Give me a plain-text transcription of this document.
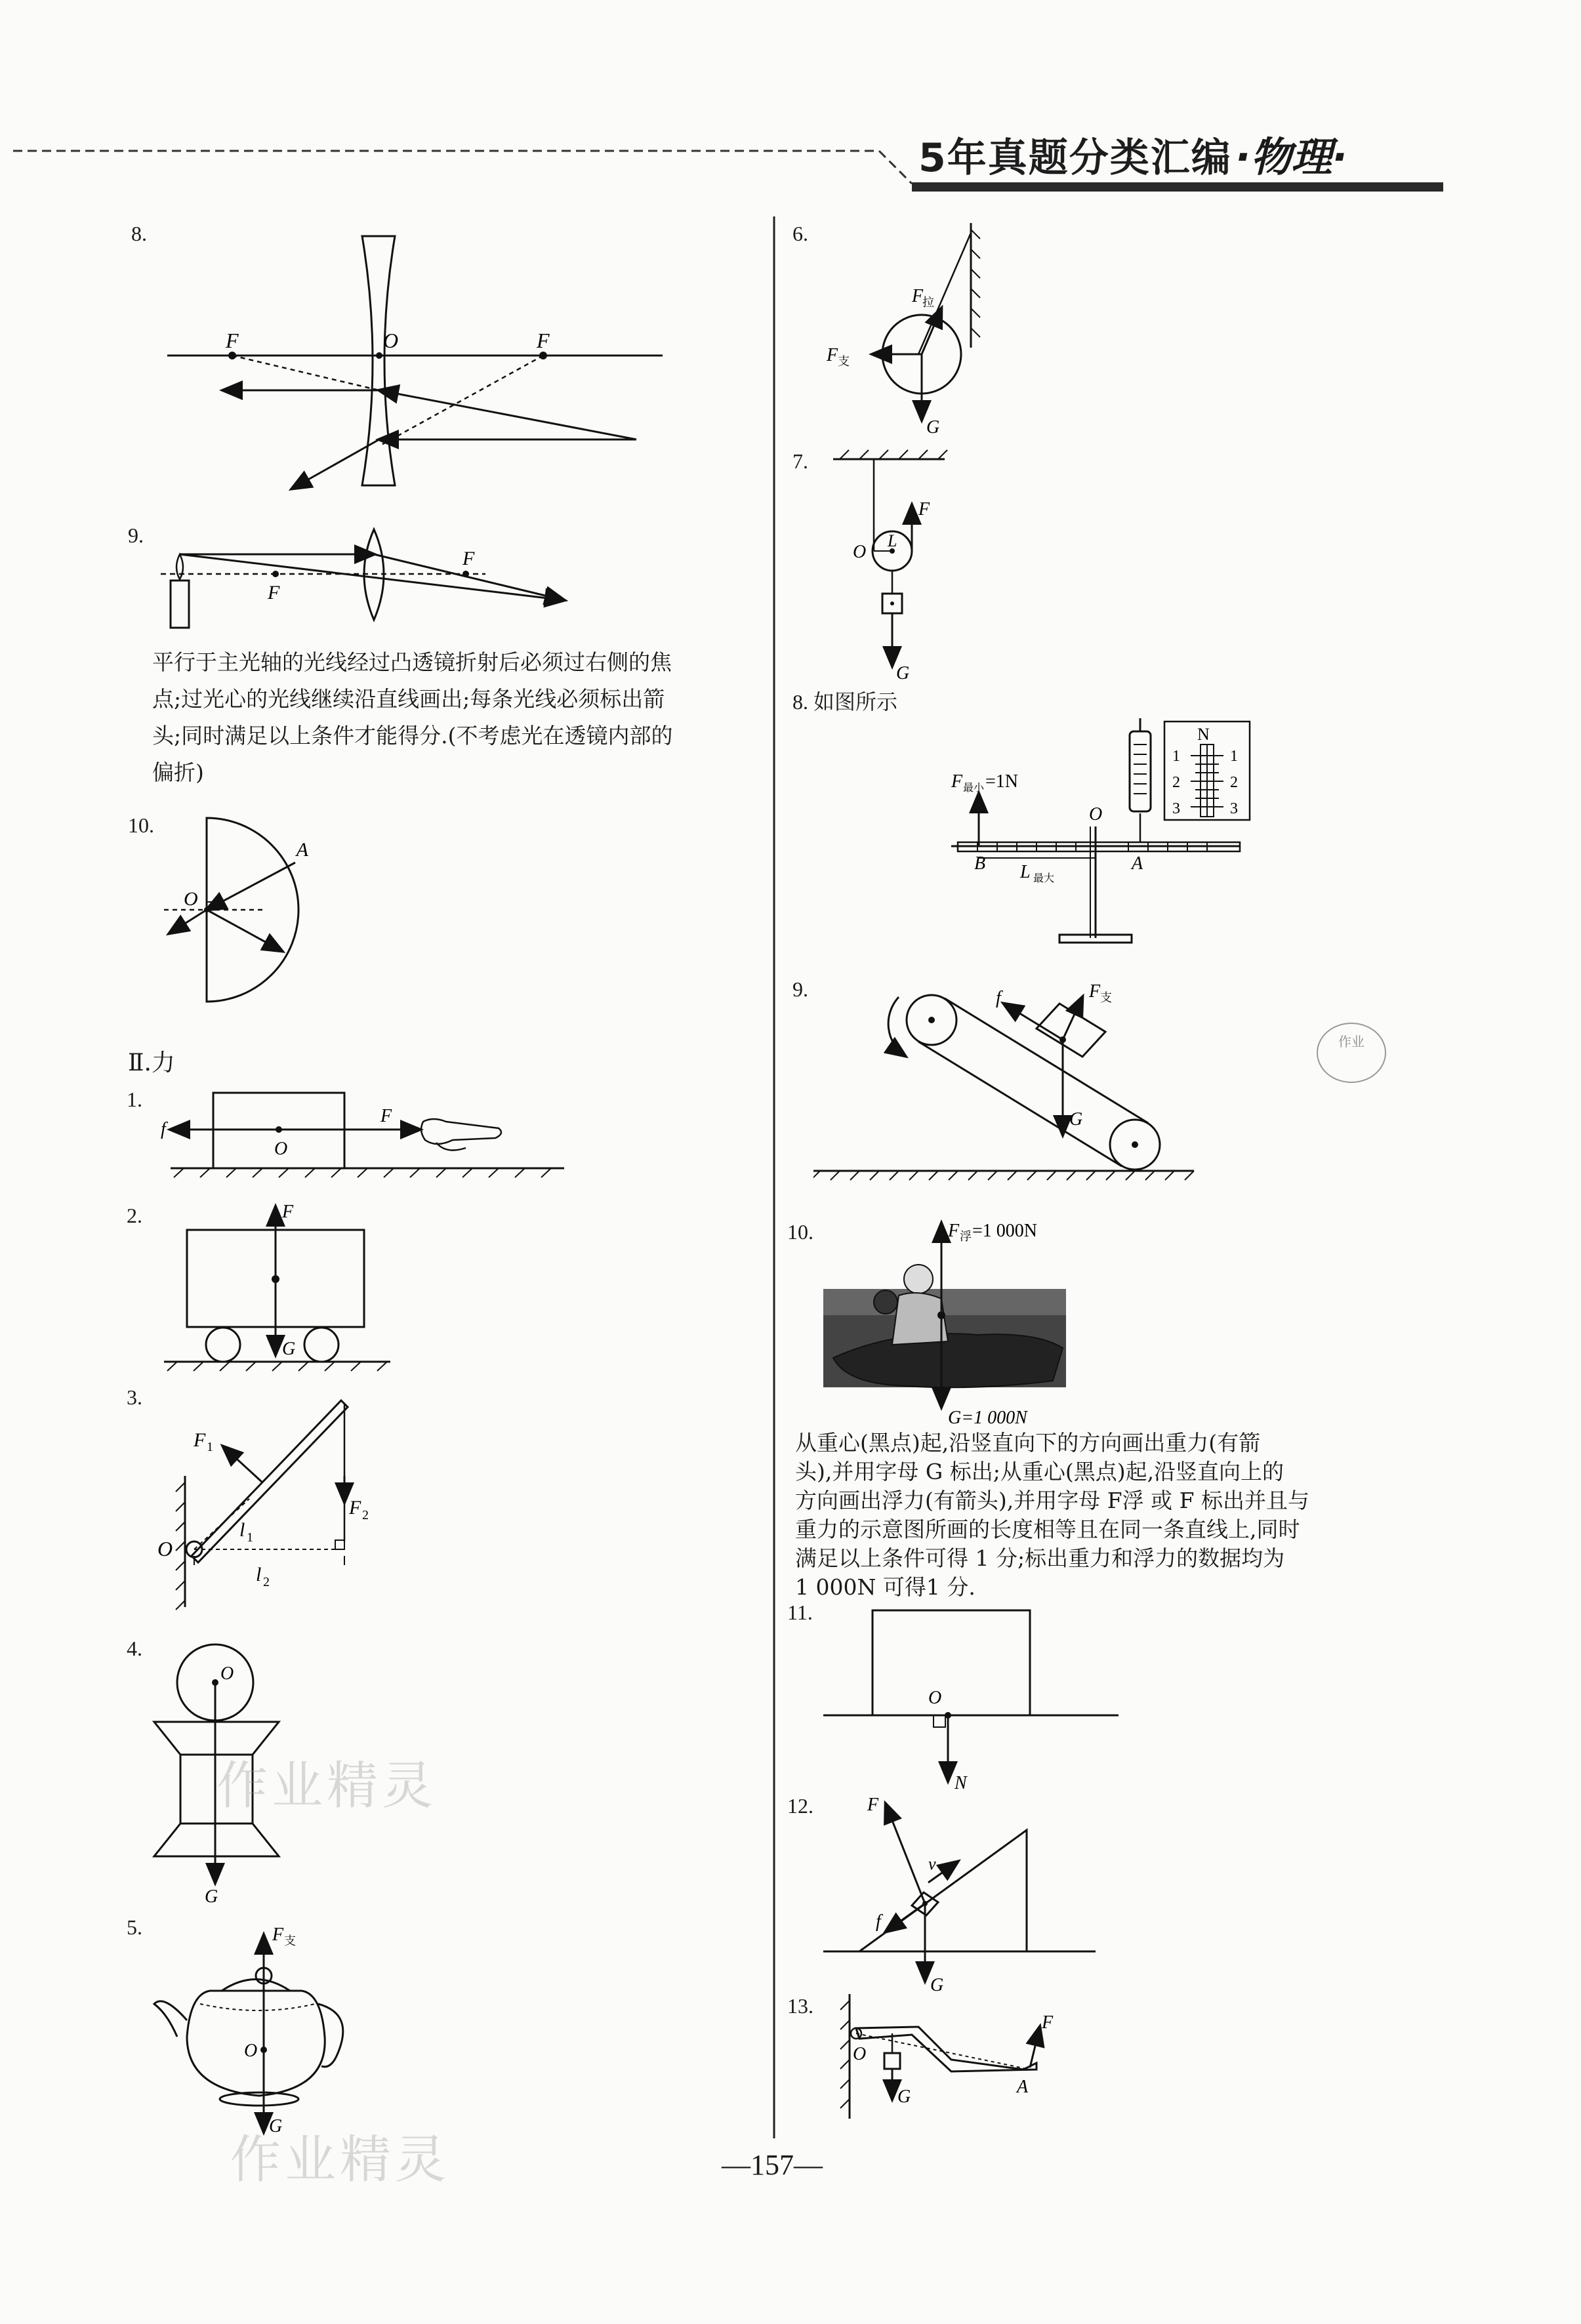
5年真题分类汇编 ·物理·
8.
F	O	F
9.
F
F
平行于主光轴的光线经过凸透镜折射后必须过右侧的焦
点;过光心的光线继续沿直线画出;每条光线必须标出箭
头;同时满足以上条件才能得分.(不考虑光在透镜内部的
偏折)
10.
O
A
Ⅱ.力
1.
O
f
F
2.	F
G
3.
F 2
F 1
l 1
l 2
O
4.
O
G
5.
O
F 支
G
6.
F
拉
F 支
G
7.
L
O
F
G
8. 如图所示
F 最小 =1N
B L 最大
O
A
N
1	1
2	2
3	3
9.	F 支
f
G
作业
10.	F 浮 =1 000N
G=1 000N
从重心(黑点)起,沿竖直向下的方向画出重力(有箭
头),并用字母 G 标出;从重心(黑点)起,沿竖直向上的
方向画出浮力(有箭头),并用字母 F浮 或 F 标出并且与
重力的示意图所画的长度相等且在同一条直线上,同时
满足以上条件可得 1 分;标出重力和浮力的数据均为
1 000N 可得1 分.
11.
O
N
12.	F
v
f
G
13.
O
G
F
A
作业精灵
作业精灵	—157—
